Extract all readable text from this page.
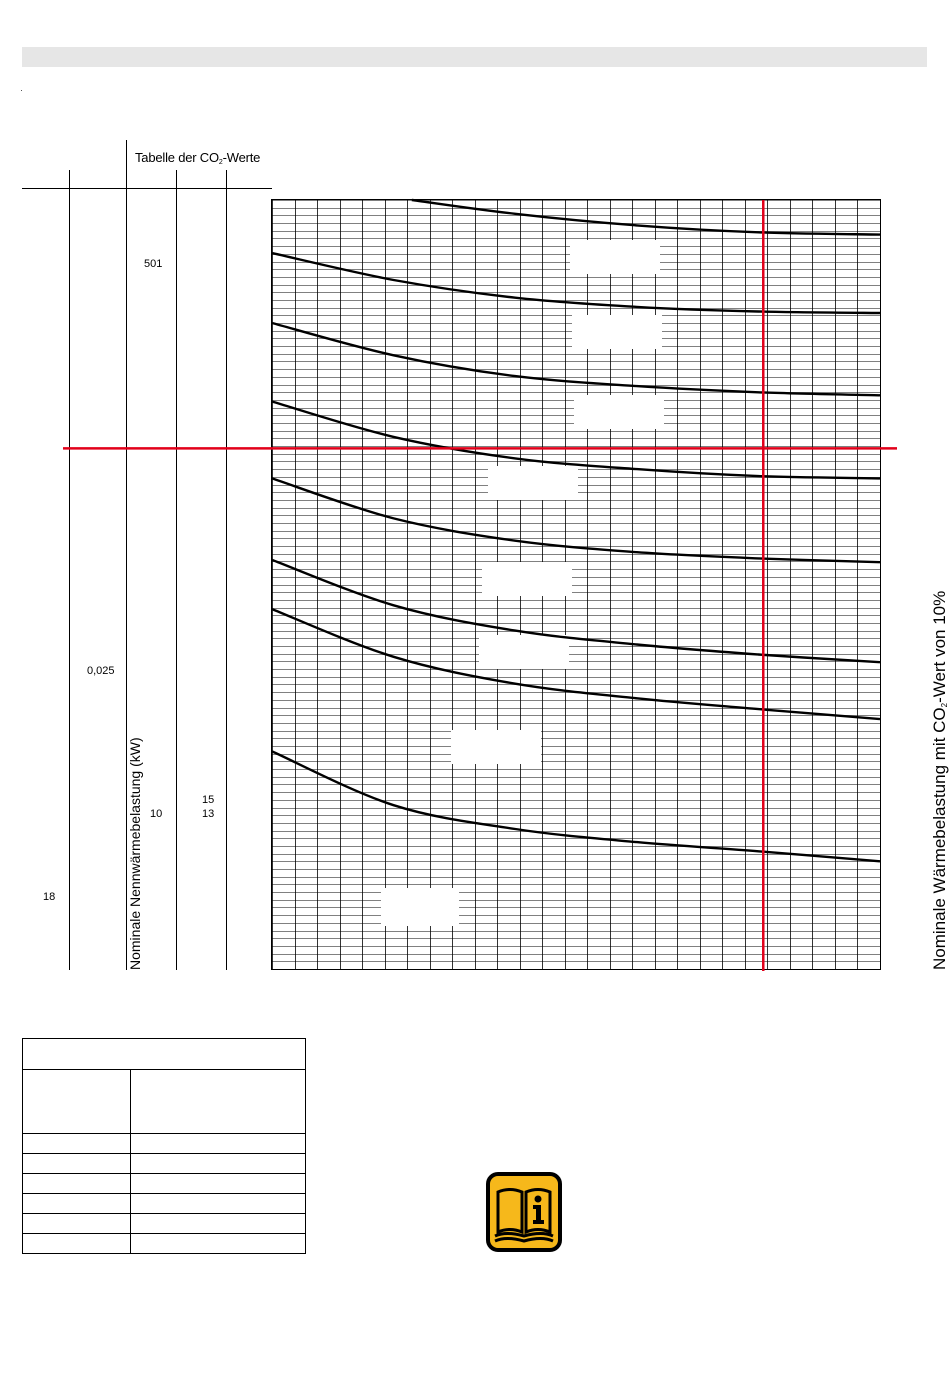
Tabelle der $CO_2$-Werte
501
0,025
15
10	13
18	Nominale Nennwärmebelastung (kW)	Nominale Wärmebelastung mit $CO_2$-Wert von 10%
